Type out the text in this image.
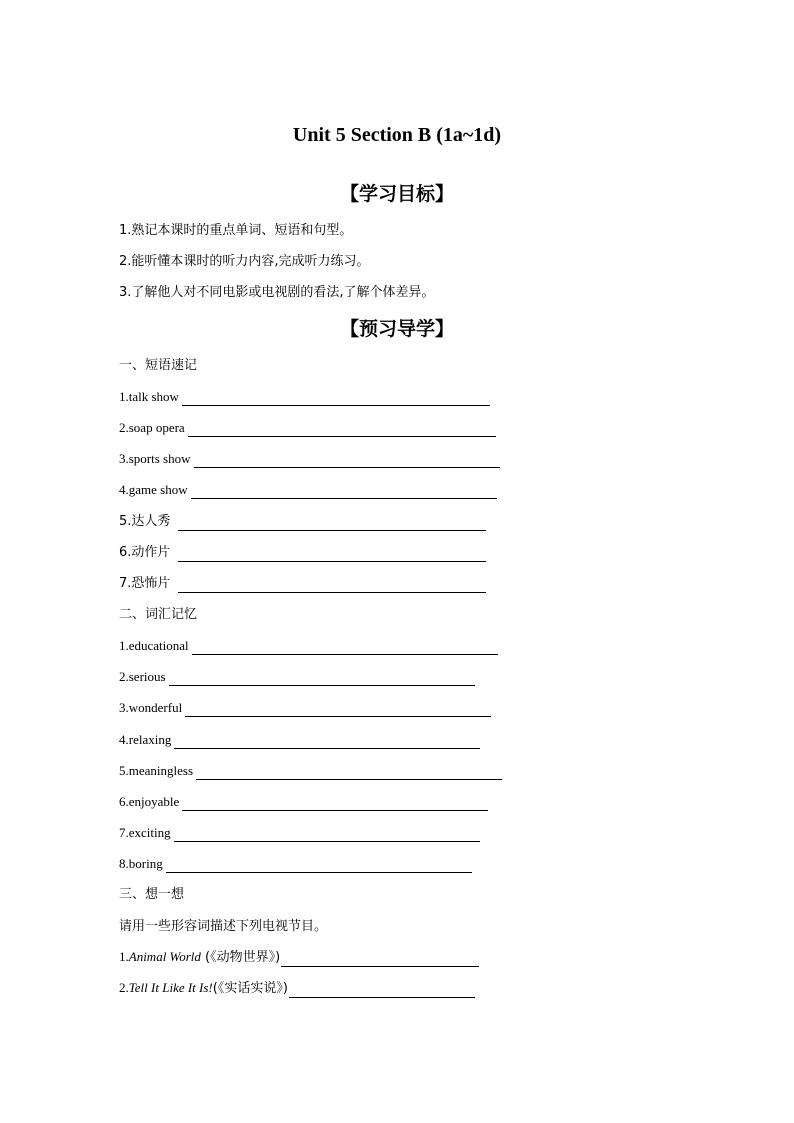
Unit 5 Section B (1a~1d)
【学习目标】
1.熟记本课时的重点单词、短语和句型。
2.能听懂本课时的听力内容,完成听力练习。
3.了解他人对不同电影或电视剧的看法,了解个体差异。
【预习导学】
一、短语速记
1.talk show
2.soap opera
3.sports show
4.game show
5.达人秀
6.动作片
7.恐怖片
二、词汇记忆
1.educational
2.serious
3.wonderful
4.relaxing
5.meaningless
6.enjoyable
7.exciting
8.boring
三、想一想
请用一些形容词描述下列电视节目。
1.Animal World (《动物世界》)
2.Tell It Like It Is!(《实话实说》)
